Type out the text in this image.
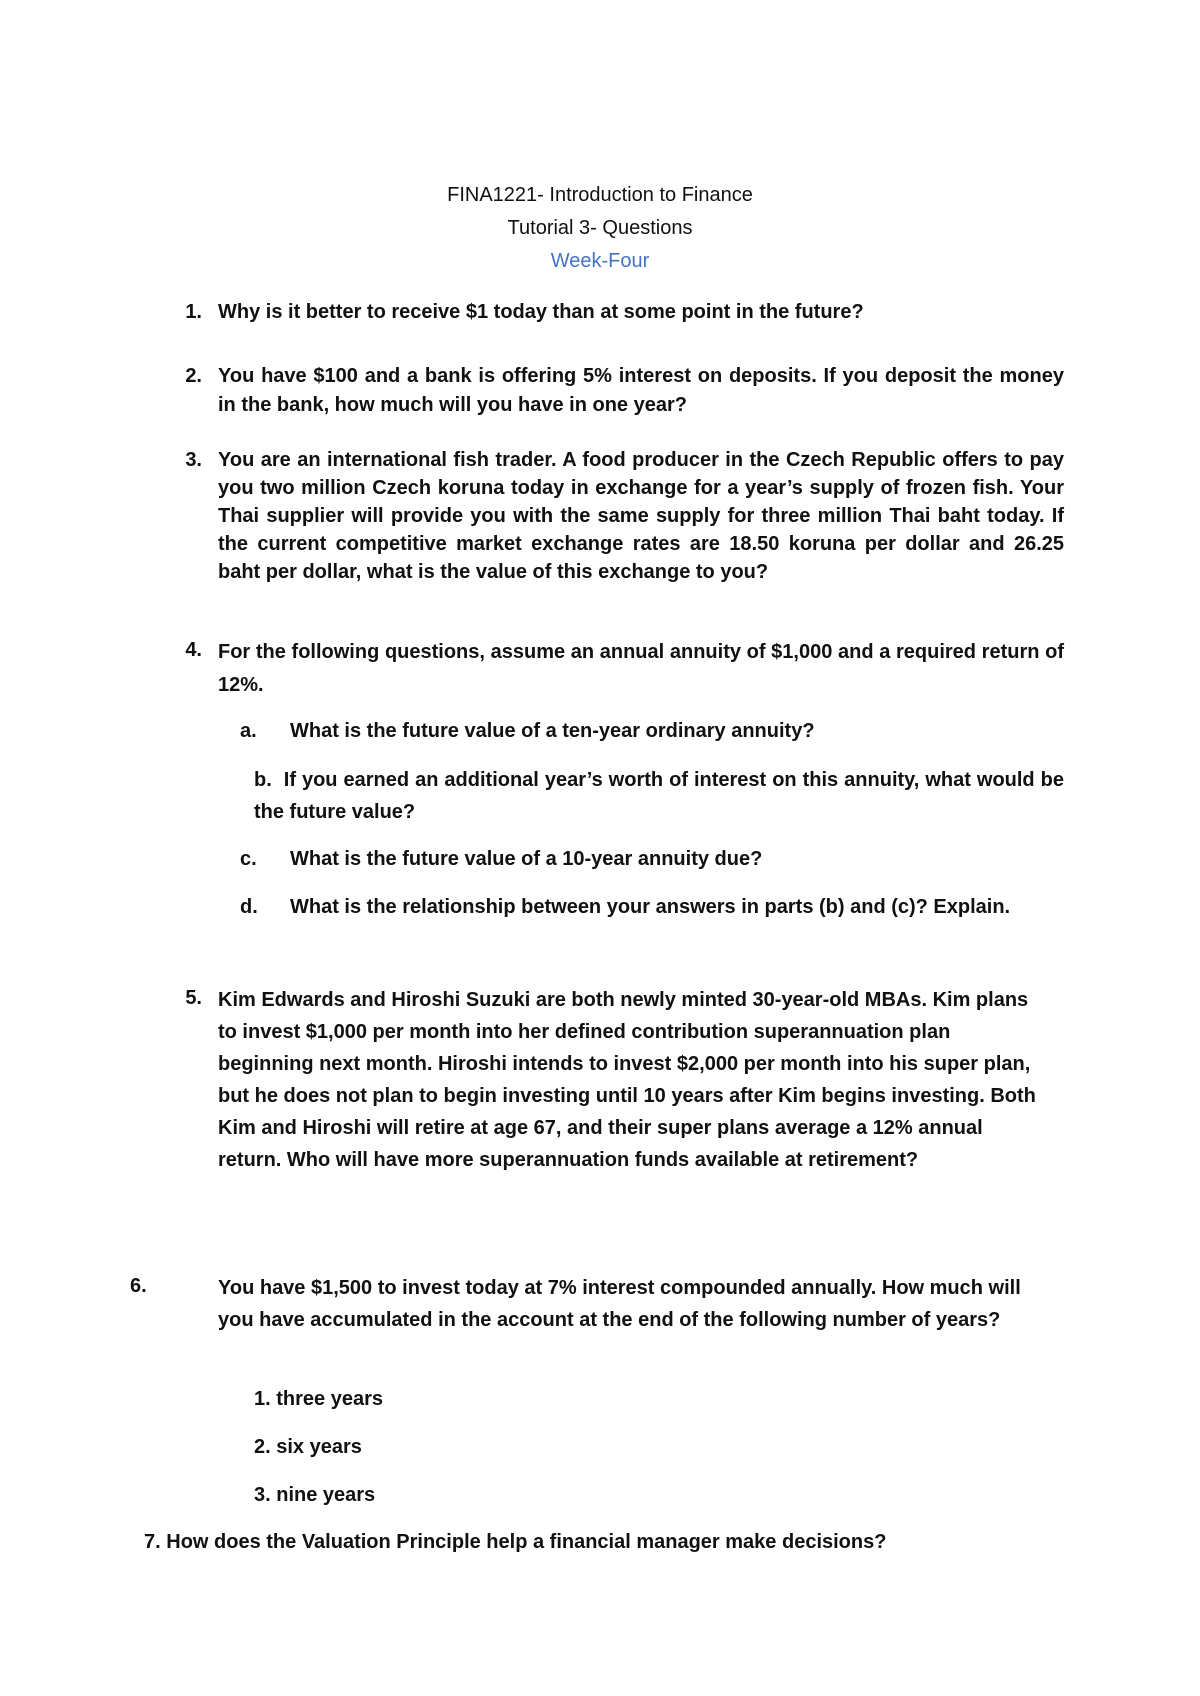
FINA1221- Introduction to Finance
Tutorial 3- Questions
Week-Four
1. Why is it better to receive $1 today than at some point in the future?
2. You have $100 and a bank is offering 5% interest on deposits. If you deposit the money in the bank, how much will you have in one year?
3. You are an international fish trader. A food producer in the Czech Republic offers to pay you two million Czech koruna today in exchange for a year’s supply of frozen fish. Your Thai supplier will provide you with the same supply for three million Thai baht today. If the current competitive market exchange rates are 18.50 koruna per dollar and 26.25 baht per dollar, what is the value of this exchange to you?
4. For the following questions, assume an annual annuity of $1,000 and a required return of 12%.
a.	What is the future value of a ten-year ordinary annuity?
b. If you earned an additional year’s worth of interest on this annuity, what would be the future value?
c.	What is the future value of a 10-year annuity due?
d.	What is the relationship between your answers in parts (b) and (c)? Explain.
5. Kim Edwards and Hiroshi Suzuki are both newly minted 30-year-old MBAs. Kim plans to invest $1,000 per month into her defined contribution superannuation plan beginning next month. Hiroshi intends to invest $2,000 per month into his super plan, but he does not plan to begin investing until 10 years after Kim begins investing. Both Kim and Hiroshi will retire at age 67, and their super plans average a 12% annual return. Who will have more superannuation funds available at retirement?
6.	You have $1,500 to invest today at 7% interest compounded annually. How much will you have accumulated in the account at the end of the following number of years?
1. three years
2. six years
3. nine years
7. How does the Valuation Principle help a financial manager make decisions?
